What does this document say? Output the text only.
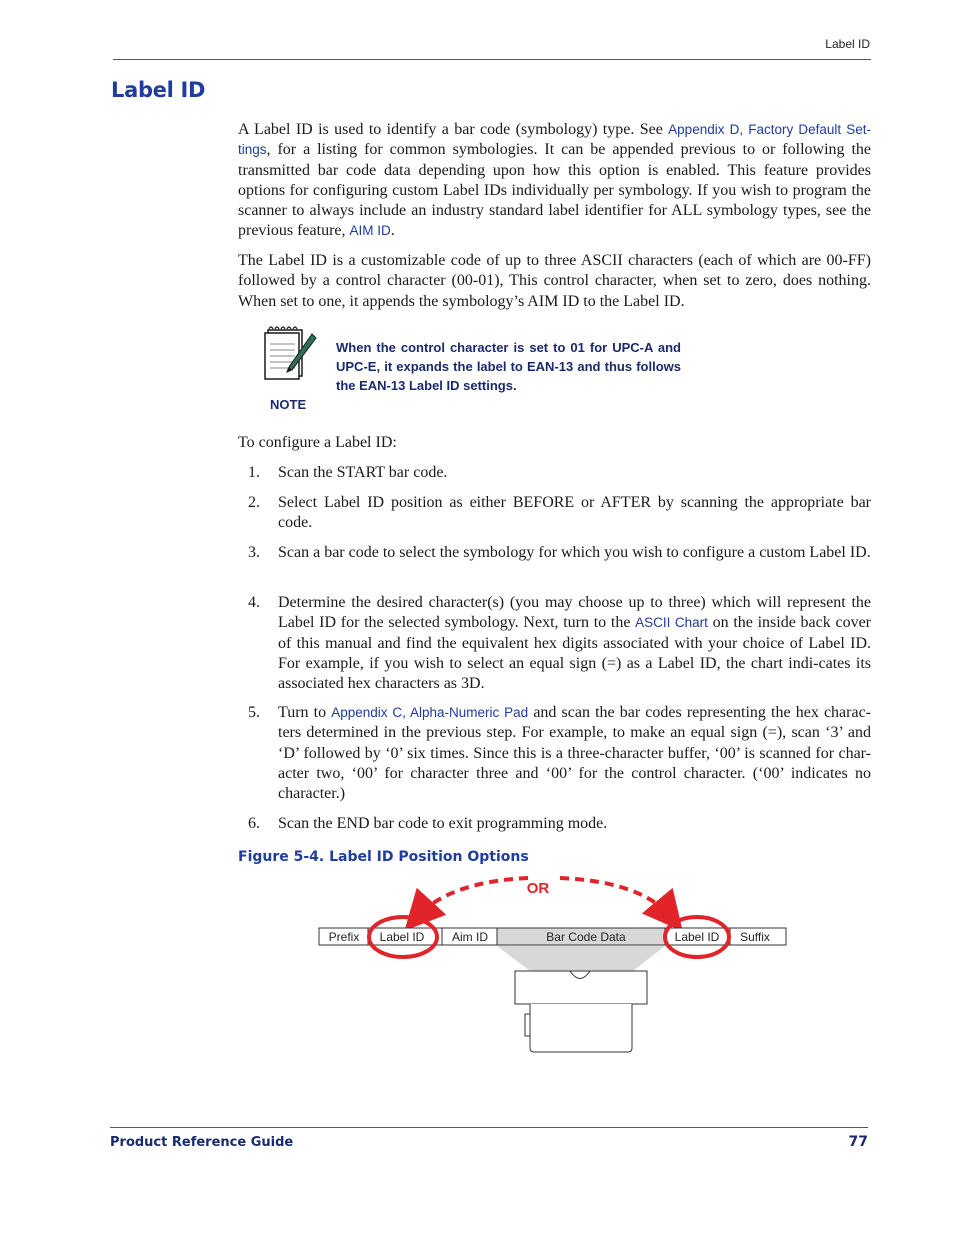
Label ID
Label ID
A Label ID is used to identify a bar code (symbology) type. See Appendix D, Factory Default Set-tings, for a listing for common symbologies. It can be appended previous to or following the transmitted bar code data depending upon how this option is enabled. This feature provides options for configuring custom Label IDs individually per symbology. If you wish to program the scanner to always include an industry standard label identifier for ALL symbology types, see the previous feature, AIM ID.
The Label ID is a customizable code of up to three ASCII characters (each of which are 00-FF) followed by a control character (00-01), This control character, when set to zero, does nothing. When set to one, it appends the symbology’s AIM ID to the Label ID.
NOTE
When the control character is set to 01 for UPC-A and UPC-E, it expands the label to EAN-13 and thus follows the EAN-13 Label ID settings.
To configure a Label ID:
1. Scan the START bar code.
2. Select Label ID position as either BEFORE or AFTER by scanning the appropriate bar code.
3. Scan a bar code to select the symbology for which you wish to configure a custom Label ID.
4. Determine the desired character(s) (you may choose up to three) which will represent the Label ID for the selected symbology. Next, turn to the ASCII Chart on the inside back cover of this manual and find the equivalent hex digits associated with your choice of Label ID. For example, if you wish to select an equal sign (=) as a Label ID, the chart indi-cates its associated hex characters as 3D.
5. Turn to Appendix C, Alpha-Numeric Pad and scan the bar codes representing the hex charac-ters determined in the previous step. For example, to make an equal sign (=), scan ‘3’ and ‘D’ followed by ‘0’ six times. Since this is a three-character buffer, ‘00’ is scanned for char-acter two, ‘00’ for character three and ‘00’ for the control character. (‘00’ indicates no character.)
6. Scan the END bar code to exit programming mode.
Figure 5-4. Label ID Position Options
OR
Prefix Label ID Aim ID	Bar Code Data	Label ID Suffix
Product Reference Guide	77
